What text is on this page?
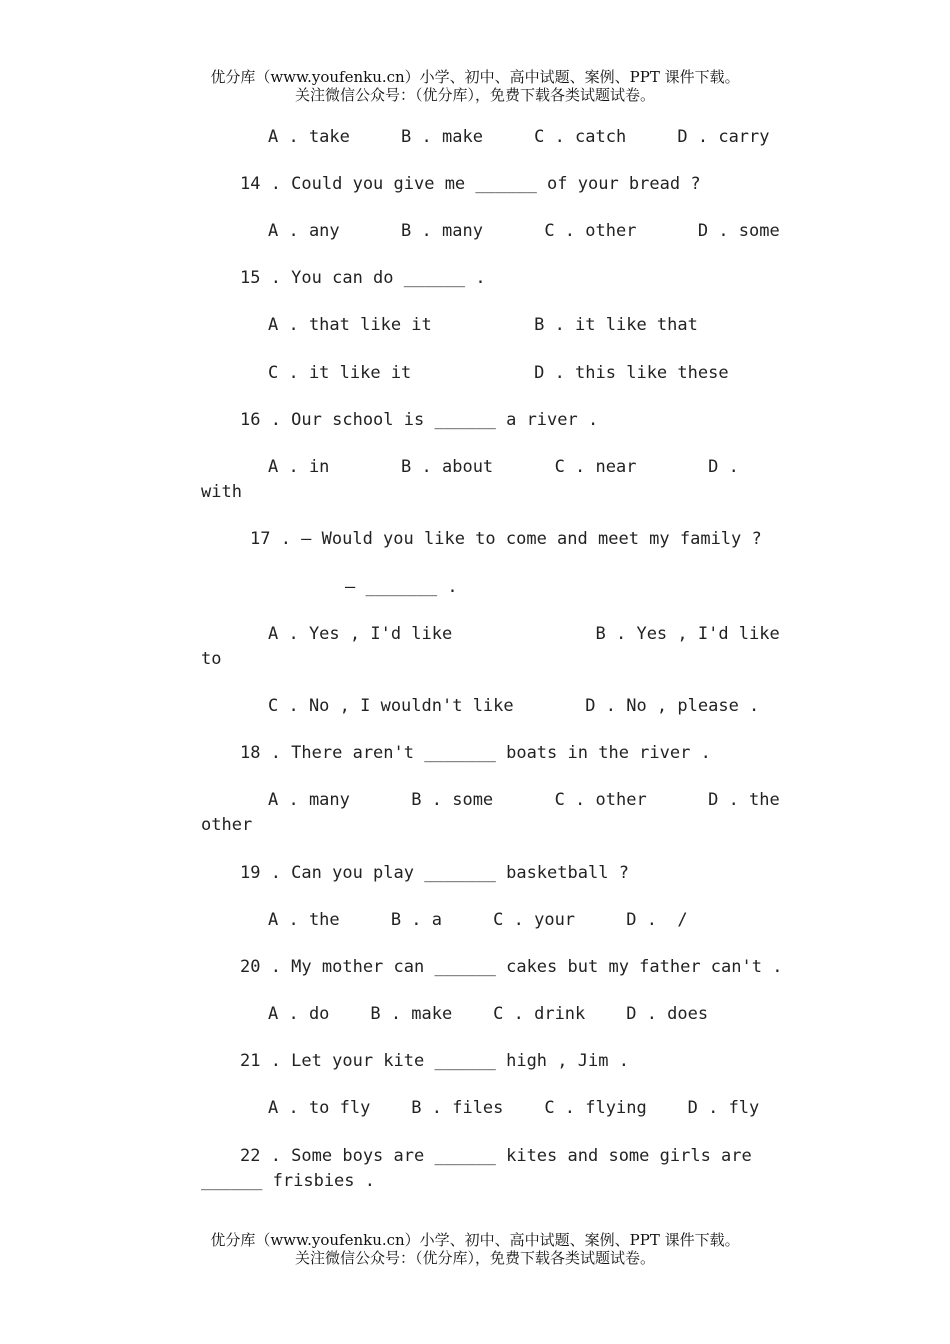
优分库（www.youfenku.cn）小学、初中、高中试题、案例、PPT 课件下载。
关注微信公众号：（优分库），免费下载各类试题试卷。
A . take     B . make     C . catch     D . carry
14 . Could you give me ______ of your bread ?
A . any      B . many      C . other      D . some
15 . You can do ______ .
A . that like it          B . it like that
C . it like it            D . this like these
16 . Our school is ______ a river .
A . in       B . about      C . near       D .
with
17 . — Would you like to come and meet my family ?
— _______ .
A . Yes , I'd like              B . Yes , I'd like
to
C . No , I wouldn't like       D . No , please .
18 . There aren't _______ boats in the river .
A . many      B . some      C . other      D . the
other
19 . Can you play _______ basketball ?
A . the     B . a     C . your     D .  /
20 . My mother can ______ cakes but my father can't .
A . do    B . make    C . drink    D . does
21 . Let your kite ______ high , Jim .
A . to fly    B . files    C . flying    D . fly
22 . Some boys are ______ kites and some girls are
______ frisbies .
优分库（www.youfenku.cn）小学、初中、高中试题、案例、PPT 课件下载。
关注微信公众号：（优分库），免费下载各类试题试卷。
